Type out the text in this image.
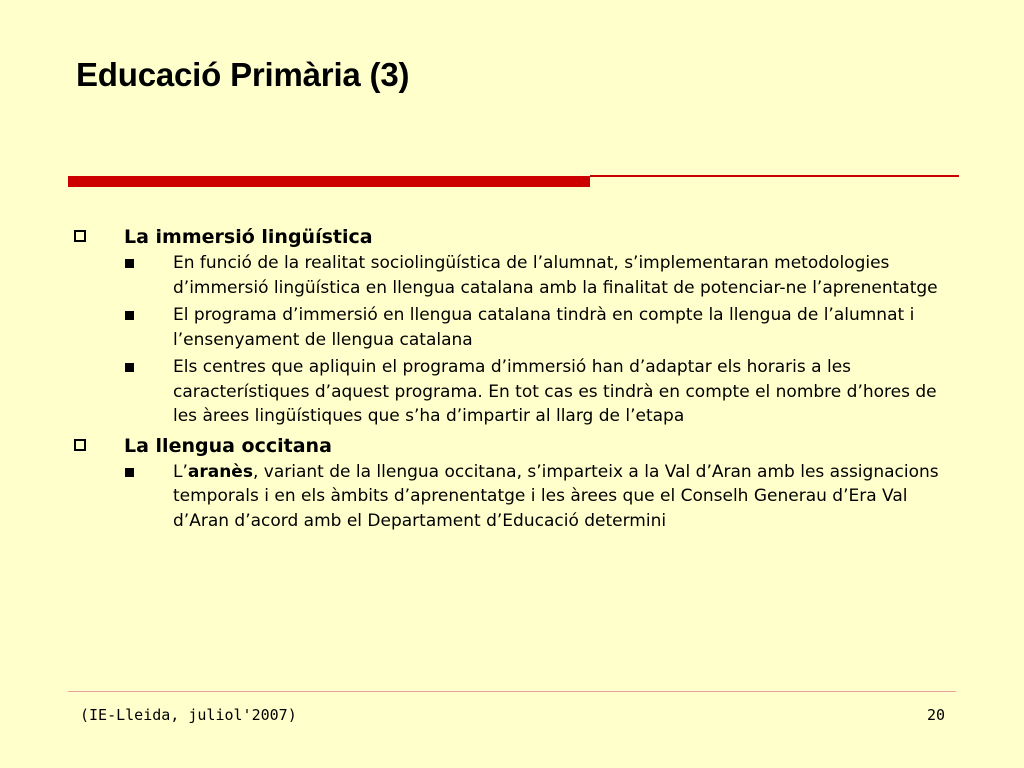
Educació Primària (3)
La immersió lingüística
En funció de la realitat sociolingüística de l’alumnat, s’implementaran metodologies d’immersió lingüística en llengua catalana amb la finalitat de potenciar-ne l’aprenentatge
El programa d’immersió en llengua catalana tindrà en compte la llengua de l’alumnat i l’ensenyament de llengua catalana
Els centres que apliquin el programa d’immersió han d’adaptar els horaris a les característiques d’aquest programa. En tot cas es tindrà en compte el nombre d’hores de les àrees lingüístiques que s’ha d’impartir al llarg de l’etapa
La llengua occitana
L’aranès, variant de la llengua occitana, s’imparteix a la Val d’Aran amb les assignacions temporals i en els àmbits d’aprenentatge i les àrees que el Conselh Generau d’Era Val d’Aran d’acord amb el Departament d’Educació determini
(IE-Lleida, juliol'2007)	20
